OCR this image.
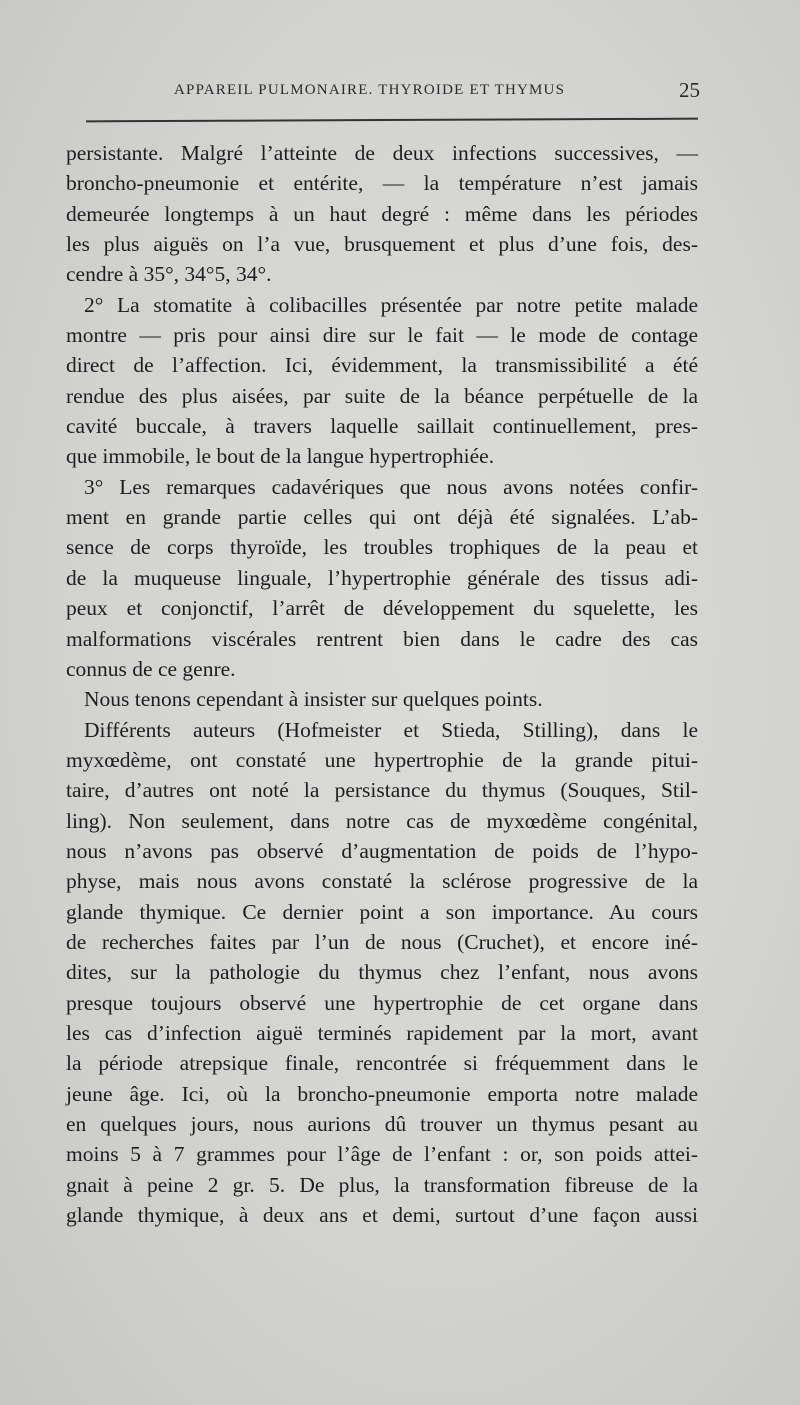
APPAREIL PULMONAIRE. THYROIDE ET THYMUS	25
persistante. Malgré l’atteinte de deux infections successives, —
broncho-pneumonie et entérite, — la température n’est jamais
demeurée longtemps à un haut degré : même dans les périodes
les plus aiguës on l’a vue, brusquement et plus d’une fois, des-
cendre à 35°, 34°5, 34°.
2° La stomatite à colibacilles présentée par notre petite malade
montre — pris pour ainsi dire sur le fait — le mode de contage
direct de l’affection. Ici, évidemment, la transmissibilité a été
rendue des plus aisées, par suite de la béance perpétuelle de la
cavité buccale, à travers laquelle saillait continuellement, pres-
que immobile, le bout de la langue hypertrophiée.
3° Les remarques cadavériques que nous avons notées confir-
ment en grande partie celles qui ont déjà été signalées. L’ab-
sence de corps thyroïde, les troubles trophiques de la peau et
de la muqueuse linguale, l’hypertrophie générale des tissus adi-
peux et conjonctif, l’arrêt de développement du squelette, les
malformations viscérales rentrent bien dans le cadre des cas
connus de ce genre.
Nous tenons cependant à insister sur quelques points.
Différents auteurs (Hofmeister et Stieda, Stilling), dans le
myxœdème, ont constaté une hypertrophie de la grande pitui-
taire, d’autres ont noté la persistance du thymus (Souques, Stil-
ling). Non seulement, dans notre cas de myxœdème congénital,
nous n’avons pas observé d’augmentation de poids de l’hypo-
physe, mais nous avons constaté la sclérose progressive de la
glande thymique. Ce dernier point a son importance. Au cours
de recherches faites par l’un de nous (Cruchet), et encore iné-
dites, sur la pathologie du thymus chez l’enfant, nous avons
presque toujours observé une hypertrophie de cet organe dans
les cas d’infection aiguë terminés rapidement par la mort, avant
la période atrepsique finale, rencontrée si fréquemment dans le
jeune âge. Ici, où la broncho-pneumonie emporta notre malade
en quelques jours, nous aurions dû trouver un thymus pesant au
moins 5 à 7 grammes pour l’âge de l’enfant : or, son poids attei-
gnait à peine 2 gr. 5. De plus, la transformation fibreuse de la
glande thymique, à deux ans et demi, surtout d’une façon aussi
